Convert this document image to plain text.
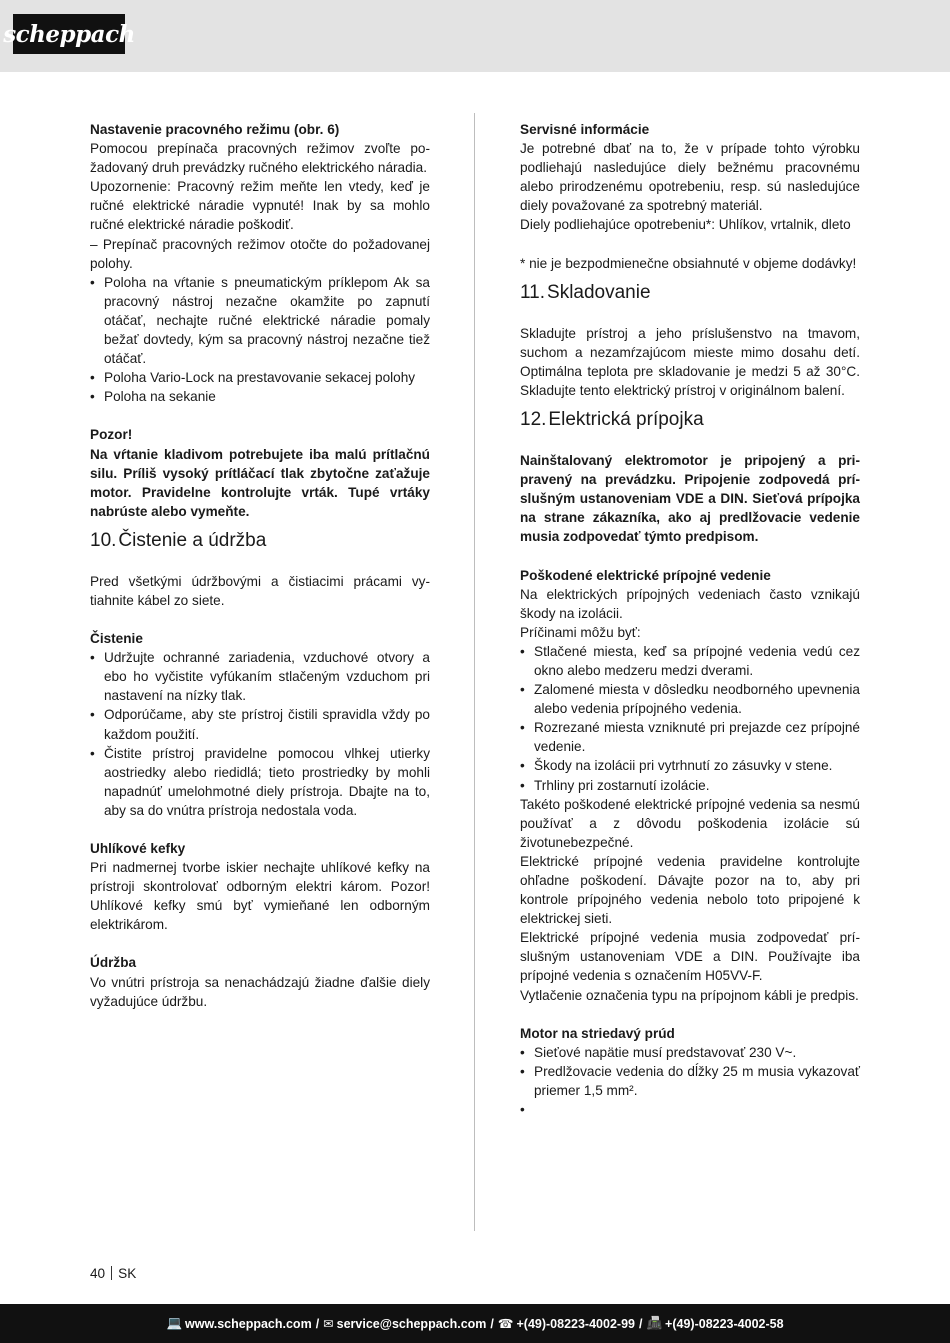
scheppach

Nastavenie pracovného režimu (obr. 6)

Pomocou prepínača pracovných režimov zvoľte požadovaný druh prevádzky ručného elektrického náradia.

Upozornenie: Pracovný režim meňte len vtedy, keď je ručné elektrické náradie vypnuté! Inak by sa mohlo ručné elektrické náradie poškodiť.

– Prepínač pracovných režimov otočte do požadovanej polohy.

• Poloha na vŕtanie s pneumatickým príklepom Ak sa pracovný nástroj nezačne okamžite po zapnutí otáčať, nechajte ručné elektrické náradie pomaly bežať dovtedy, kým sa pracovný nástroj nezačne tiež otáčať.
• Poloha Vario-Lock na prestavovanie sekacej polohy
• Poloha na sekanie

Pozor!

Na vŕtanie kladivom potrebujete iba malú prítlačnú silu. Príliš vysoký prítláčací tlak zbytočne zaťažuje motor. Pravidelne kontrolujte vrták. Tupé vrtáky nabrúste alebo vymeňte.

10. Čistenie a údržba

Pred všetkými údržbovými a čistiacimi prácami vytiahnite kábel zo siete.

Čistenie

• Udržujte ochranné zariadenia, vzduchové otvory a ebo ho vyčistite vyfúkaním stlačeným vzduchom pri nastavení na nízky tlak.
• Odporúčame, aby ste prístroj čistili spravidla vždy po každom použití.
• Čistite prístroj pravidelne pomocou vlhkej utierky aostriedky alebo riedidlá; tieto prostriedky by mohli napadnúť umelohmotné diely prístroja. Dbajte na to, aby sa do vnútra prístroja nedostala voda.

Uhlíkové kefky

Pri nadmernej tvorbe iskier nechajte uhlíkové kefky na prístroji skontrolovať odborným elektri károm. Pozor! Uhlíkové kefky smú byť vymieňané len odborným elektrikárom.

Údržba

Vo vnútri prístroja sa nenachádzajú žiadne ďalšie diely vyžadujúce údržbu.

Servisné informácie

Je potrebné dbať na to, že v prípade tohto výrobku podliehajú nasledujúce diely bežnému pracovnému alebo prirodzenému opotrebeniu, resp. sú nasledujúce diely považované za spotrebný materiál.

Diely podliehajúce opotrebeniu*: Uhlíkov, vrtalnik, dleto

* nie je bezpodmienečne obsiahnuté v objeme dodávky!

11. Skladovanie

Skladujte prístroj a jeho príslušenstvo na tmavom, suchom a nezamŕzajúcom mieste mimo dosahu detí. Optimálna teplota pre skladovanie je medzi 5 až 30°C. Skladujte tento elektrický prístroj v originálnom balení.

12. Elektrická prípojka

Nainštalovaný elektromotor je pripojený a pripravený na prevádzku. Pripojenie zodpovedá príslušným ustanoveniam VDE a DIN. Sieťová prípojka na strane zákazníka, ako aj predlžovacie vedenie musia zodpovedať týmto predpisom.

Poškodené elektrické prípojné vedenie

Na elektrických prípojných vedeniach často vznikajú škody na izolácii.

Príčinami môžu byť:

• Stlačené miesta, keď sa prípojné vedenia vedú cez okno alebo medzeru medzi dverami.
• Zalomené miesta v dôsledku neodborného upevnenia alebo vedenia prípojného vedenia.
• Rozrezané miesta vzniknuté pri prejazde cez prípojné vedenie.
• Škody na izolácii pri vytrhnutí zo zásuvky v stene.
• Trhliny pri zostarnutí izolácie.

Takéto poškodené elektrické prípojné vedenia sa nesmú používať a z dôvodu poškodenia izolácie sú životunebezpečné.

Elektrické prípojné vedenia pravidelne kontrolujte ohľadne poškodení. Dávajte pozor na to, aby pri kontrole prípojného vedenia nebolo toto pripojené k elektrickej sieti.

Elektrické prípojné vedenia musia zodpovedať príslušným ustanoveniam VDE a DIN. Používajte iba prípojné vedenia s označením H05VV-F.

Vytlačenie označenia typu na prípojnom kábli je predpis.

Motor na striedavý prúd

• Sieťové napätie musí predstavovať 230 V~.
• Predlžovacie vedenia do dĺžky 25 m musia vykazovať priemer 1,5 mm².
•
40 SK
💻 www.scheppach.com / ✉ service@scheppach.com / ☎ +(49)-08223-4002-99 / 📠 +(49)-08223-4002-58
